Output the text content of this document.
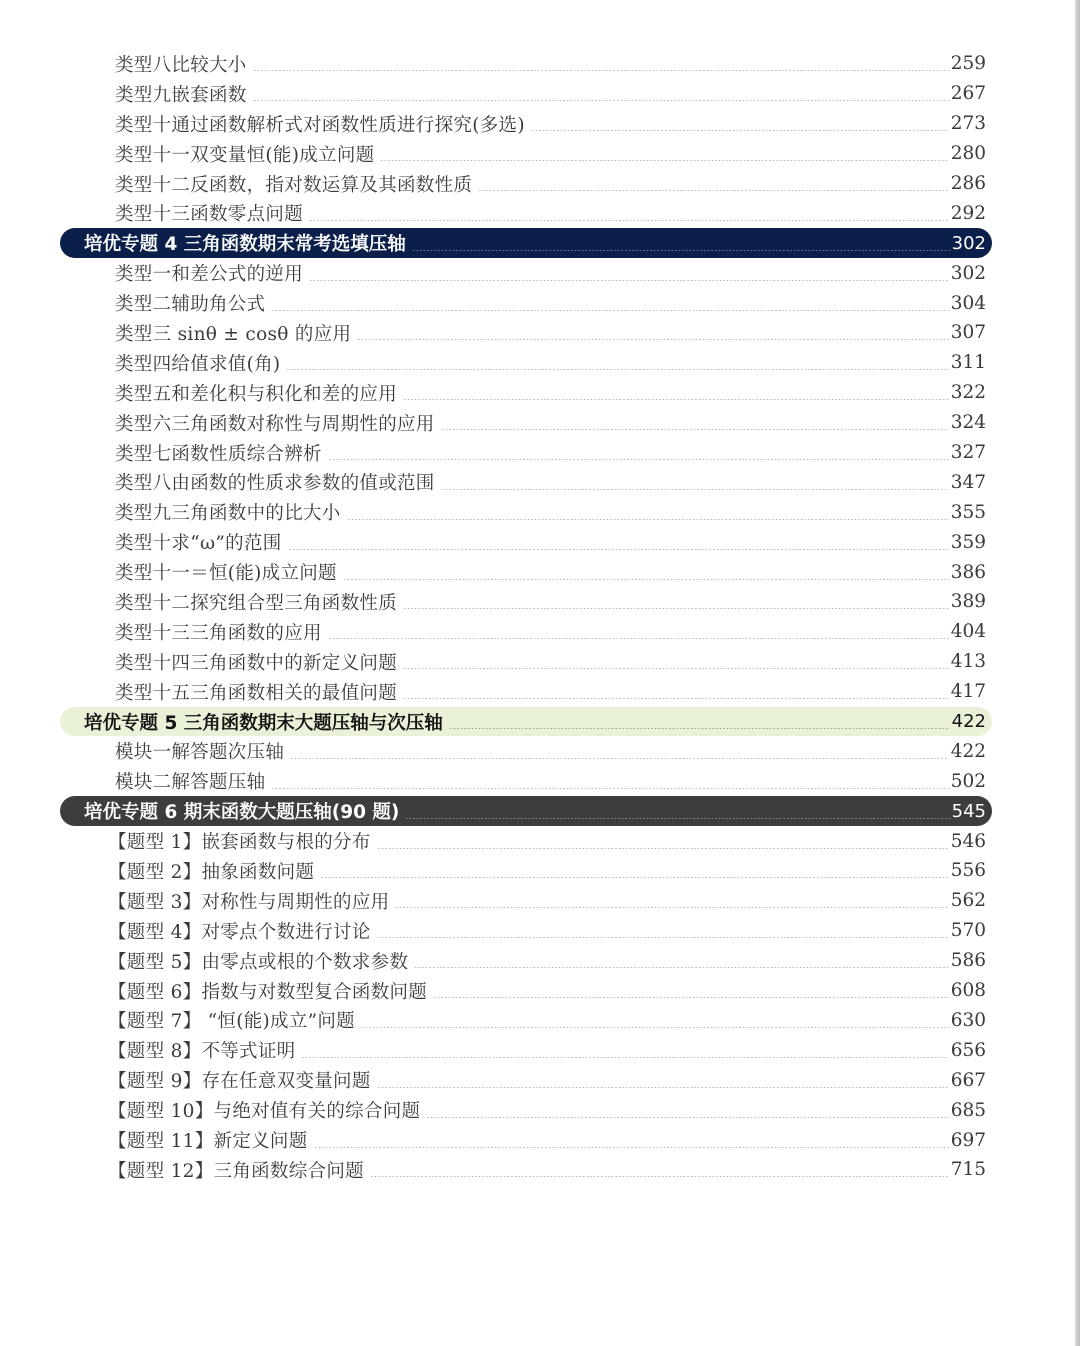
类型八比较大小	259
类型九嵌套函数	267
类型十通过函数解析式对函数性质进行探究(多选)	273
类型十一双变量恒(能)成立问题	280
类型十二反函数，指对数运算及其函数性质	286
类型十三函数零点问题	292
培优专题 4 三角函数期末常考选填压轴	302
类型一和差公式的逆用	302
类型二辅助角公式	304
类型三 sinθ ± cosθ 的应用	307
类型四给值求值(角)	311
类型五和差化积与积化和差的应用	322
类型六三角函数对称性与周期性的应用	324
类型七函数性质综合辨析	327
类型八由函数的性质求参数的值或范围	347
类型九三角函数中的比大小	355
类型十求“ω”的范围	359
类型十一＝恒(能)成立问题	386
类型十二探究组合型三角函数性质	389
类型十三三角函数的应用	404
类型十四三角函数中的新定义问题	413
类型十五三角函数相关的最值问题	417
培优专题 5 三角函数期末大题压轴与次压轴	422
模块一解答题次压轴	422
模块二解答题压轴	502
培优专题 6 期末函数大题压轴(90 题)	545
【题型 1】嵌套函数与根的分布	546
【题型 2】抽象函数问题	556
【题型 3】对称性与周期性的应用	562
【题型 4】对零点个数进行讨论	570
【题型 5】由零点或根的个数求参数	586
【题型 6】指数与对数型复合函数问题	608
【题型 7】 “恒(能)成立”问题	630
【题型 8】不等式证明	656
【题型 9】存在任意双变量问题	667
【题型 10】与绝对值有关的综合问题	685
【题型 11】新定义问题	697
【题型 12】三角函数综合问题	715
